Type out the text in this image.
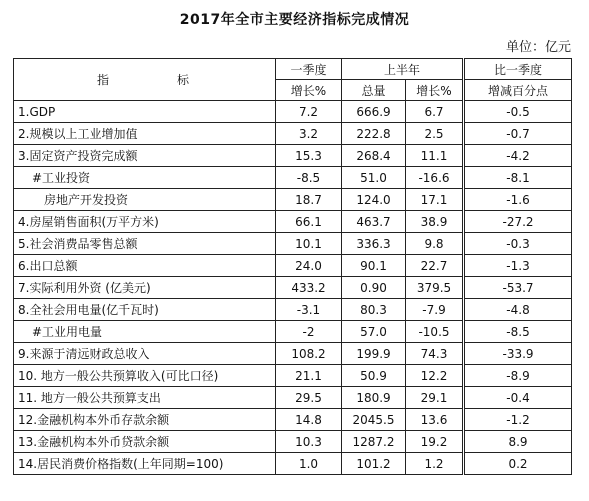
2017年全市主要经济指标完成情况
单位：亿元
指　标	一季度	上半年		比一季度
	增长%	总量	增长%	增减百分点
1.GDP	7.2	666.9	6.7	-0.5
2.规模以上工业增加值	3.2	222.8	2.5	-0.7
3.固定资产投资完成额	15.3	268.4	11.1	-4.2
#工业投资	-8.5	51.0	-16.6	-8.1
房地产开发投资	18.7	124.0	17.1	-1.6
4.房屋销售面积(万平方米)	66.1	463.7	38.9	-27.2
5.社会消费品零售总额	10.1	336.3	9.8	-0.3
6.出口总额	24.0	90.1	22.7	-1.3
7.实际利用外资 (亿美元)	433.2	0.90	379.5	-53.7
8.全社会用电量(亿千瓦时)	-3.1	80.3	-7.9	-4.8
#工业用电量	-2	57.0	-10.5	-8.5
9.来源于清远财政总收入	108.2	199.9	74.3	-33.9
10. 地方一般公共预算收入(可比口径)	21.1	50.9	12.2	-8.9
11. 地方一般公共预算支出	29.5	180.9	29.1	-0.4
12.金融机构本外币存款余额	14.8	2045.5	13.6	-1.2
13.金融机构本外币贷款余额	10.3	1287.2	19.2	8.9
14.居民消费价格指数(上年同期=100)	1.0	101.2	1.2	0.2
